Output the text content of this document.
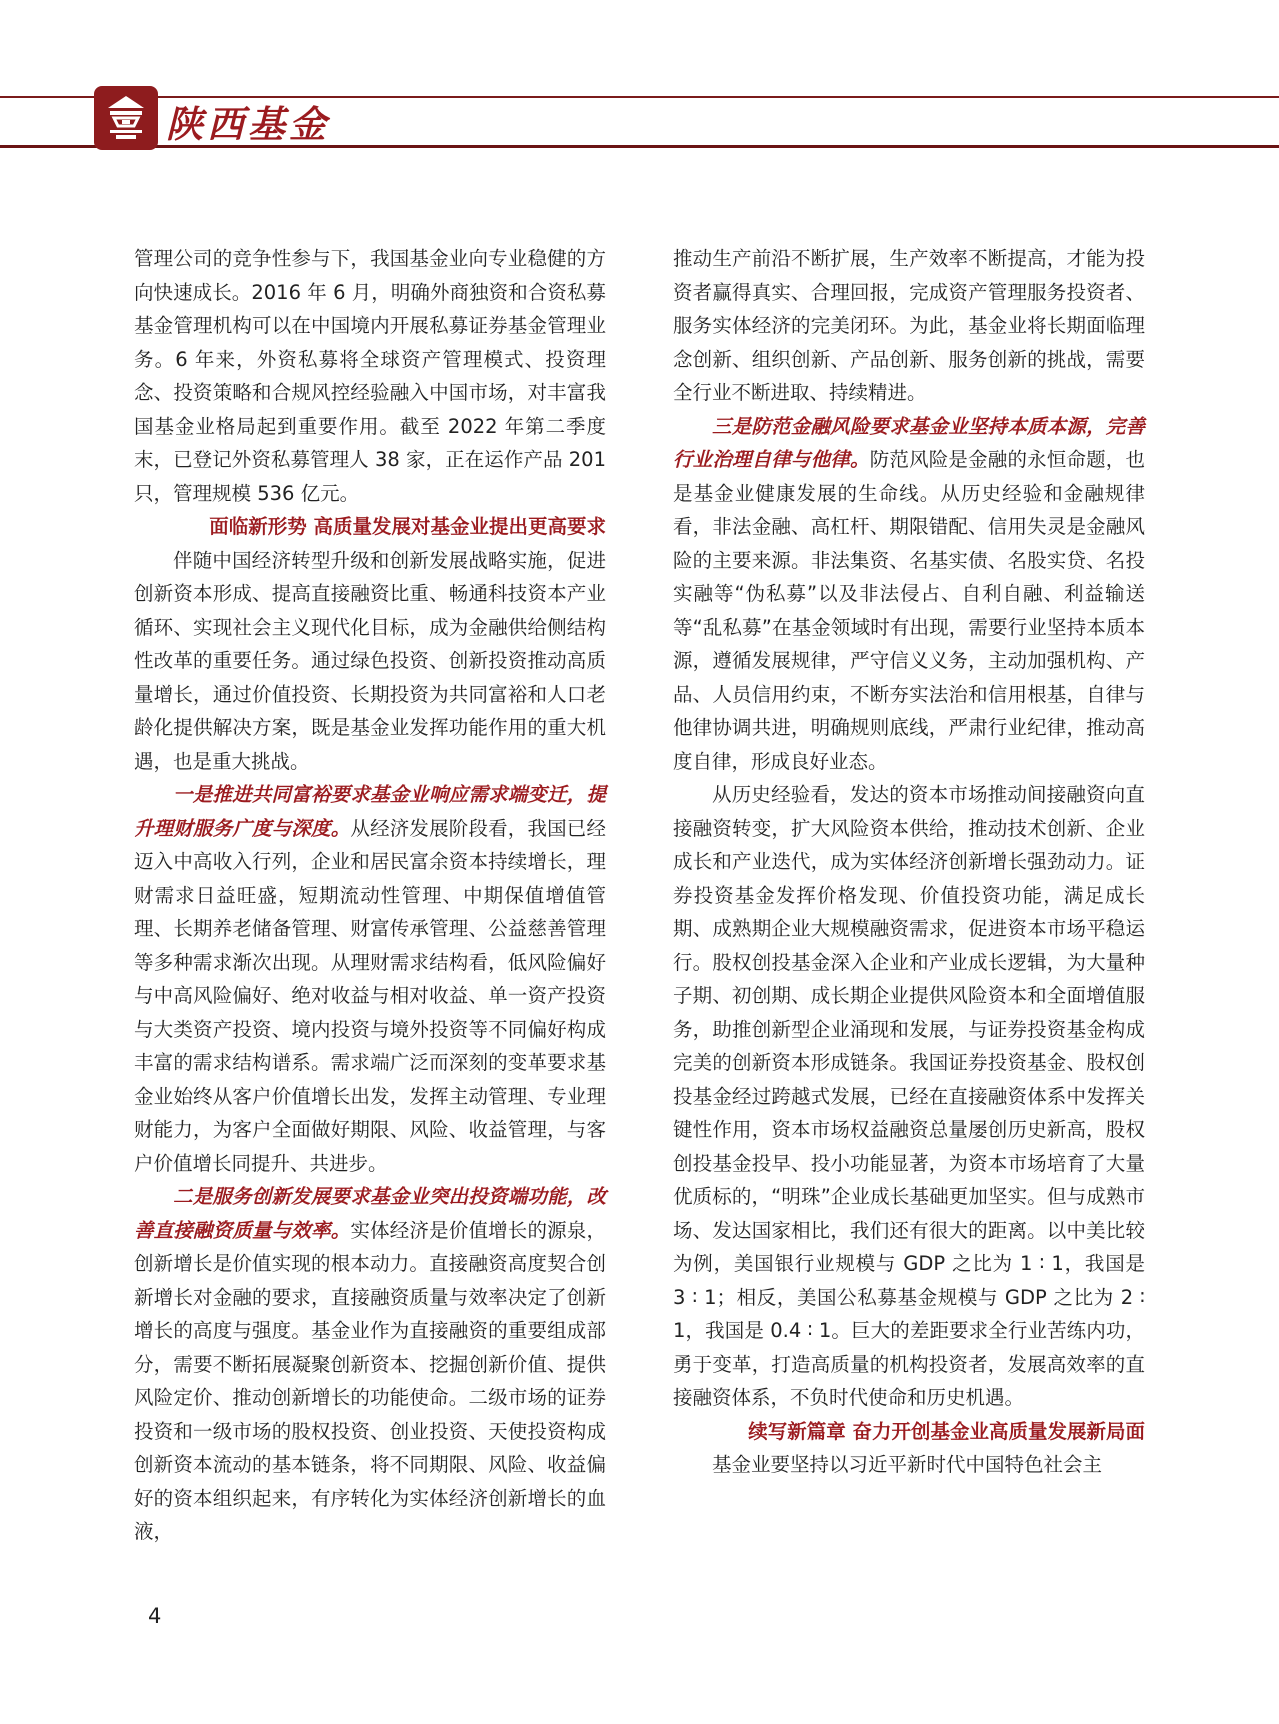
陕西基金

管理公司的竞争性参与下，我国基金业向专业稳健的方向快速成长。2016 年 6 月，明确外商独资和合资私募基金管理机构可以在中国境内开展私募证券基金管理业务。6 年来，外资私募将全球资产管理模式、投资理念、投资策略和合规风控经验融入中国市场，对丰富我国基金业格局起到重要作用。截至 2022 年第二季度末，已登记外资私募管理人 38 家，正在运作产品 201 只，管理规模 536 亿元。

面临新形势 高质量发展对基金业提出更高要求

伴随中国经济转型升级和创新发展战略实施，促进创新资本形成、提高直接融资比重、畅通科技资本产业循环、实现社会主义现代化目标，成为金融供给侧结构性改革的重要任务。通过绿色投资、创新投资推动高质量增长，通过价值投资、长期投资为共同富裕和人口老龄化提供解决方案，既是基金业发挥功能作用的重大机遇，也是重大挑战。

一是推进共同富裕要求基金业响应需求端变迁，提升理财服务广度与深度。从经济发展阶段看，我国已经迈入中高收入行列，企业和居民富余资本持续增长，理财需求日益旺盛，短期流动性管理、中期保值增值管理、长期养老储备管理、财富传承管理、公益慈善管理等多种需求渐次出现。从理财需求结构看，低风险偏好与中高风险偏好、绝对收益与相对收益、单一资产投资与大类资产投资、境内投资与境外投资等不同偏好构成丰富的需求结构谱系。需求端广泛而深刻的变革要求基金业始终从客户价值增长出发，发挥主动管理、专业理财能力，为客户全面做好期限、风险、收益管理，与客户价值增长同提升、共进步。

二是服务创新发展要求基金业突出投资端功能，改善直接融资质量与效率。实体经济是价值增长的源泉，创新增长是价值实现的根本动力。直接融资高度契合创新增长对金融的要求，直接融资质量与效率决定了创新增长的高度与强度。基金业作为直接融资的重要组成部分，需要不断拓展凝聚创新资本、挖掘创新价值、提供风险定价、推动创新增长的功能使命。二级市场的证券投资和一级市场的股权投资、创业投资、天使投资构成创新资本流动的基本链条，将不同期限、风险、收益偏好的资本组织起来，有序转化为实体经济创新增长的血液，

推动生产前沿不断扩展，生产效率不断提高，才能为投资者赢得真实、合理回报，完成资产管理服务投资者、服务实体经济的完美闭环。为此，基金业将长期面临理念创新、组织创新、产品创新、服务创新的挑战，需要全行业不断进取、持续精进。

三是防范金融风险要求基金业坚持本质本源，完善行业治理自律与他律。防范风险是金融的永恒命题，也是基金业健康发展的生命线。从历史经验和金融规律看，非法金融、高杠杆、期限错配、信用失灵是金融风险的主要来源。非法集资、名基实债、名股实贷、名投实融等“伪私募”以及非法侵占、自利自融、利益输送等“乱私募”在基金领域时有出现，需要行业坚持本质本源，遵循发展规律，严守信义义务，主动加强机构、产品、人员信用约束，不断夯实法治和信用根基，自律与他律协调共进，明确规则底线，严肃行业纪律，推动高度自律，形成良好业态。

从历史经验看，发达的资本市场推动间接融资向直接融资转变，扩大风险资本供给，推动技术创新、企业成长和产业迭代，成为实体经济创新增长强劲动力。证券投资基金发挥价格发现、价值投资功能，满足成长期、成熟期企业大规模融资需求，促进资本市场平稳运行。股权创投基金深入企业和产业成长逻辑，为大量种子期、初创期、成长期企业提供风险资本和全面增值服务，助推创新型企业涌现和发展，与证券投资基金构成完美的创新资本形成链条。我国证券投资基金、股权创投基金经过跨越式发展，已经在直接融资体系中发挥关键性作用，资本市场权益融资总量屡创历史新高，股权创投基金投早、投小功能显著，为资本市场培育了大量优质标的，“明珠”企业成长基础更加坚实。但与成熟市场、发达国家相比，我们还有很大的距离。以中美比较为例，美国银行业规模与 GDP 之比为 1 ∶ 1，我国是 3 ∶ 1；相反，美国公私募基金规模与 GDP 之比为 2 ∶ 1，我国是 0.4 ∶ 1。巨大的差距要求全行业苦练内功，勇于变革，打造高质量的机构投资者，发展高效率的直接融资体系，不负时代使命和历史机遇。

续写新篇章 奋力开创基金业高质量发展新局面

基金业要坚持以习近平新时代中国特色社会主

4
